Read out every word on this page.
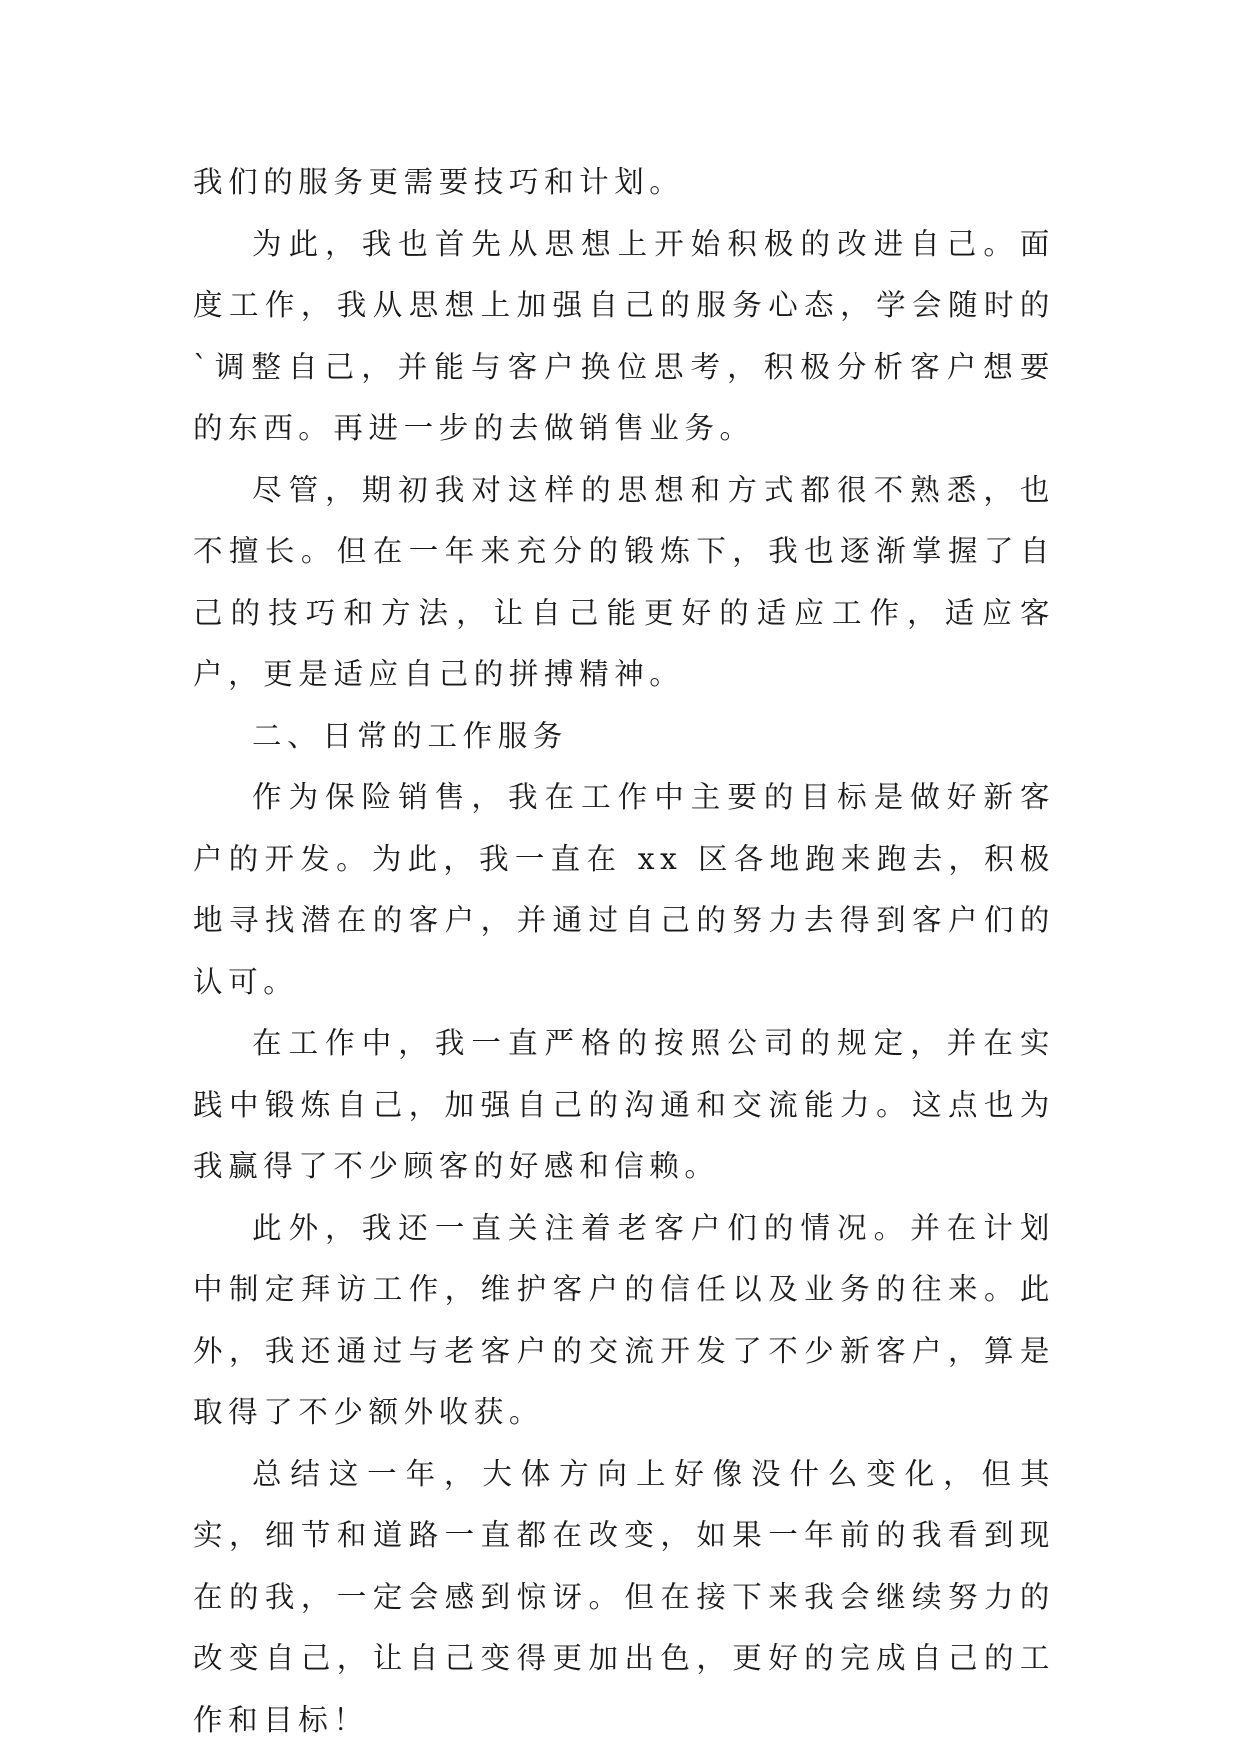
我们的服务更需要技巧和计划。

为此，我也首先从思想上开始积极的改进自己。面度工作，我从思想上加强自己的服务心态，学会随时的`调整自己，并能与客户换位思考，积极分析客户想要的东西。再进一步的去做销售业务。

尽管，期初我对这样的思想和方式都很不熟悉，也不擅长。但在一年来充分的锻炼下，我也逐渐掌握了自己的技巧和方法，让自己能更好的适应工作，适应客户，更是适应自己的拼搏精神。

二、日常的工作服务

作为保险销售，我在工作中主要的目标是做好新客户的开发。为此，我一直在 xx 区各地跑来跑去，积极地寻找潜在的客户，并通过自己的努力去得到客户们的认可。

在工作中，我一直严格的按照公司的规定，并在实践中锻炼自己，加强自己的沟通和交流能力。这点也为我赢得了不少顾客的好感和信赖。

此外，我还一直关注着老客户们的情况。并在计划中制定拜访工作，维护客户的信任以及业务的往来。此外，我还通过与老客户的交流开发了不少新客户，算是取得了不少额外收获。

总结这一年，大体方向上好像没什么变化，但其实，细节和道路一直都在改变，如果一年前的我看到现在的我，一定会感到惊讶。但在接下来我会继续努力的改变自己，让自己变得更加出色，更好的完成自己的工作和目标！
